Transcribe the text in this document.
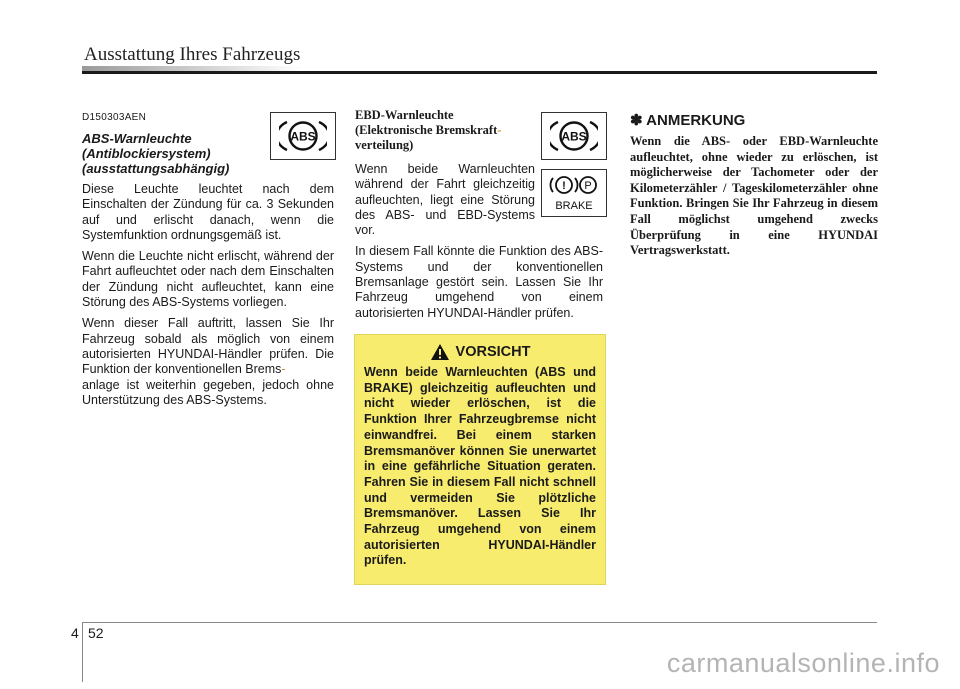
Ausstattung Ihres Fahrzeugs
D150303AEN
ABS-Warnleuchte (Antiblockiersystem) (ausstattungsabhängig)

Diese Leuchte leuchtet nach dem Einschalten der Zündung für ca. 3 Sekunden auf und erlischt danach, wenn die Systemfunktion ordnungsgemäß ist.

Wenn die Leuchte nicht erlischt, während der Fahrt aufleuchtet oder nach dem Einschalten der Zündung nicht aufleuchtet, kann eine Störung des ABS-Systems vorliegen.

Wenn dieser Fall auftritt, lassen Sie Ihr Fahrzeug sobald als möglich von einem autorisierten HYUNDAI-Händler prüfen. Die Funktion der konventionellen Brems-
anlage ist weiterhin gegeben, jedoch ohne Unterstützung des ABS-Systems.

ABS
EBD-Warnleuchte (Elektronische Bremskraft-
verteilung)

Wenn beide Warnleuchten während der Fahrt gleichzeitig aufleuchten, liegt eine Störung des ABS- und EBD-Systems vor.

In diesem Fall könnte die Funktion des ABS-Systems und der konventionellen Bremsanlage gestört sein. Lassen Sie Ihr Fahrzeug umgehend von einem autorisierten HYUNDAI-Händler prüfen.

ABS
! P
BRAKE
VORSICHT

Wenn beide Warnleuchten (ABS und BRAKE) gleichzeitig aufleuchten und nicht wieder erlöschen, ist die Funktion Ihrer Fahrzeugbremse nicht einwandfrei. Bei einem starken Bremsmanöver können Sie unerwartet in eine gefährliche Situation geraten. Fahren Sie in diesem Fall nicht schnell und vermeiden Sie plötzliche Bremsmanöver. Lassen Sie Ihr Fahrzeug umgehend von einem autorisierten HYUNDAI-Händler prüfen.

✽ ANMERKUNG
Wenn die ABS- oder EBD-Warnleuchte aufleuchtet, ohne wieder zu erlöschen, ist möglicherweise der Tachometer oder der Kilometerzähler / Tageskilometerzähler ohne Funktion. Bringen Sie Ihr Fahrzeug in diesem Fall möglichst umgehend zwecks Überprüfung in eine HYUNDAI Vertragswerkstatt.
4 52
carmanualsonline.info
